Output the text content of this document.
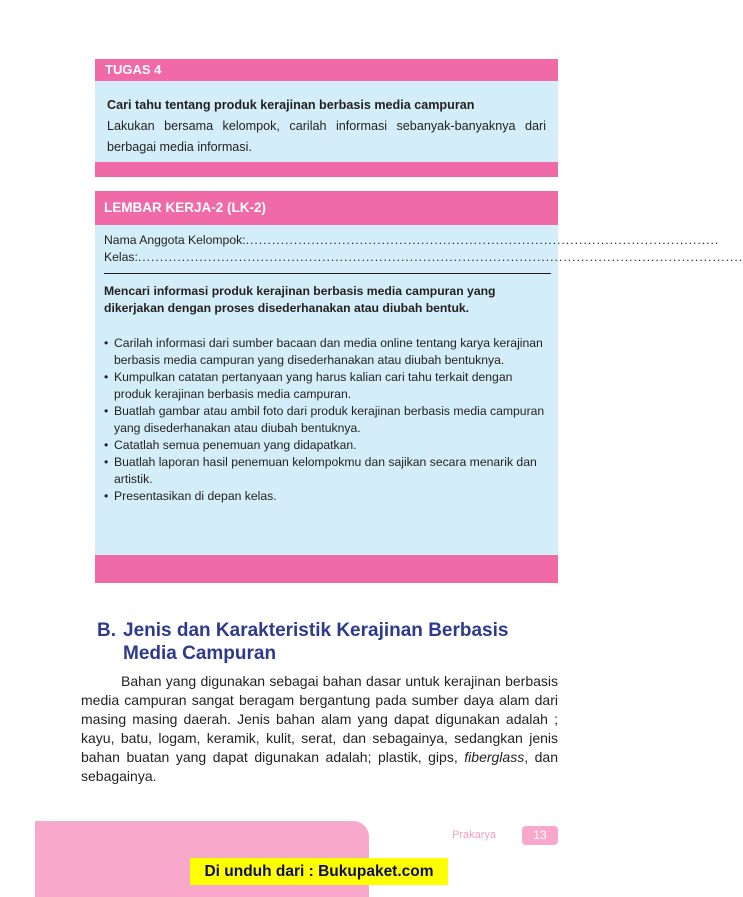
TUGAS 4
Cari tahu tentang produk kerajinan berbasis media campuran
Lakukan bersama kelompok, carilah informasi sebanyak-banyaknya dari berbagai media informasi.
LEMBAR KERJA-2 (LK-2)
Nama Anggota Kelompok: ............................................................................................................
Kelas: ..........................................................................................................................................
Mencari informasi produk kerajinan berbasis media campuran yang dikerjakan dengan proses disederhanakan atau diubah bentuk.
• Carilah informasi dari sumber bacaan dan media online tentang karya kerajinan berbasis media campuran yang disederhanakan atau diubah bentuknya.
• Kumpulkan catatan pertanyaan yang harus kalian cari tahu terkait dengan produk kerajinan berbasis media campuran.
• Buatlah gambar atau ambil foto dari produk kerajinan berbasis media campuran yang disederhanakan atau diubah bentuknya.
• Catatlah semua penemuan yang didapatkan.
• Buatlah laporan hasil penemuan kelompokmu dan sajikan secara menarik dan artistik.
• Presentasikan di depan kelas.
B. Jenis dan Karakteristik Kerajinan Berbasis
Media Campuran
Bahan yang digunakan sebagai bahan dasar untuk kerajinan berbasis media campuran sangat beragam bergantung pada sumber daya alam dari masing masing daerah. Jenis bahan alam yang dapat digunakan adalah ; kayu, batu, logam, keramik, kulit, serat, dan sebagainya, sedangkan jenis bahan buatan yang dapat digunakan adalah; plastik, gips, fiberglass, dan sebagainya.
Prakarya	13
Di unduh dari : Bukupaket.com
